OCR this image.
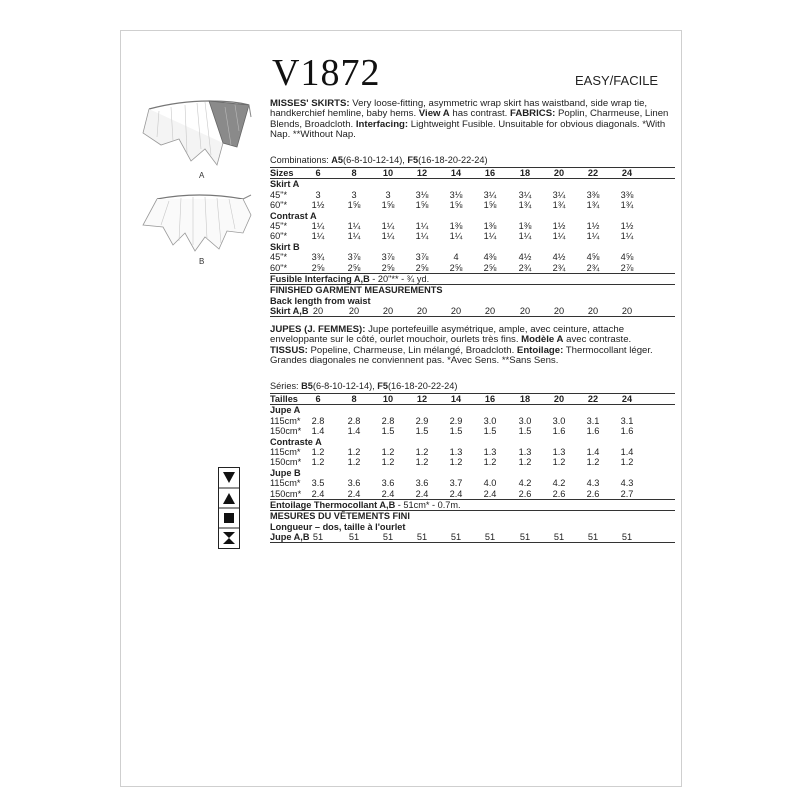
A
B
V1872	EASY/FACILE
MISSES' SKIRTS: Very loose-fitting, asymmetric wrap skirt has waistband, side wrap tie, handkerchief hemline, baby hems. View A has contrast. FABRICS: Poplin, Charmeuse, Linen Blends, Broadcloth. Interfacing: Lightweight Fusible. Unsuitable for obvious diagonals. *With Nap. **Without Nap.
Combinations: A5(6-8-10-12-14), F5(16-18-20-22-24)
Sizes	6	8	10	12	14	16	18	20	22	24
Skirt A
45"*	3	3	3	3⅛	3⅛	3¼	3¼	3¼	3⅜	3⅜
60"*	1½	1⅝	1⅝	1⅝	1⅝	1⅝	1¾	1¾	1¾	1¾
Contrast A
45"*	1¼	1¼	1¼	1¼	1⅜	1⅜	1⅜	1½	1½	1½
60"*	1¼	1¼	1¼	1¼	1¼	1¼	1¼	1¼	1¼	1¼
Skirt B
45"*	3¾	3⅞	3⅞	3⅞	4	4⅜	4½	4½	4⅝	4⅝
60"*	2⅝	2⅝	2⅝	2⅝	2⅝	2⅝	2¾	2¾	2¾	2⅞
Fusible Interfacing A,B - 20"** - ¾ yd.
FINISHED GARMENT MEASUREMENTS
Back length from waist
Skirt A,B 20	20	20	20	20	20	20	20	20	20
JUPES (J. FEMMES): Jupe portefeuille asymétrique, ample, avec ceinture, attache enveloppante sur le côté, ourlet mouchoir, ourlets très fins. Modèle A avec contraste. TISSUS: Popeline, Charmeuse, Lin mélangé, Broadcloth. Entoilage: Thermocollant léger. Grandes diagonales ne conviennent pas. *Avec Sens. **Sans Sens.
Séries: B5(6-8-10-12-14), F5(16-18-20-22-24)
Tailles	6	8	10	12	14	16	18	20	22	24
Jupe A
115cm*	2.8	2.8	2.8	2.9	2.9	3.0	3.0	3.0	3.1	3.1
150cm*	1.4	1.4	1.5	1.5	1.5	1.5	1.5	1.6	1.6	1.6
Contraste A
115cm*	1.2	1.2	1.2	1.2	1.3	1.3	1.3	1.3	1.4	1.4
150cm*	1.2	1.2	1.2	1.2	1.2	1.2	1.2	1.2	1.2	1.2
Jupe B
115cm*	3.5	3.6	3.6	3.6	3.7	4.0	4.2	4.2	4.3	4.3
150cm*	2.4	2.4	2.4	2.4	2.4	2.4	2.6	2.6	2.6	2.7
Entoilage Thermocollant A,B - 51cm* - 0.7m.
MESURES DU VÊTEMENTS FINI
Longueur – dos, taille à l'ourlet
Jupe A,B 51	51	51	51	51	51	51	51	51	51
